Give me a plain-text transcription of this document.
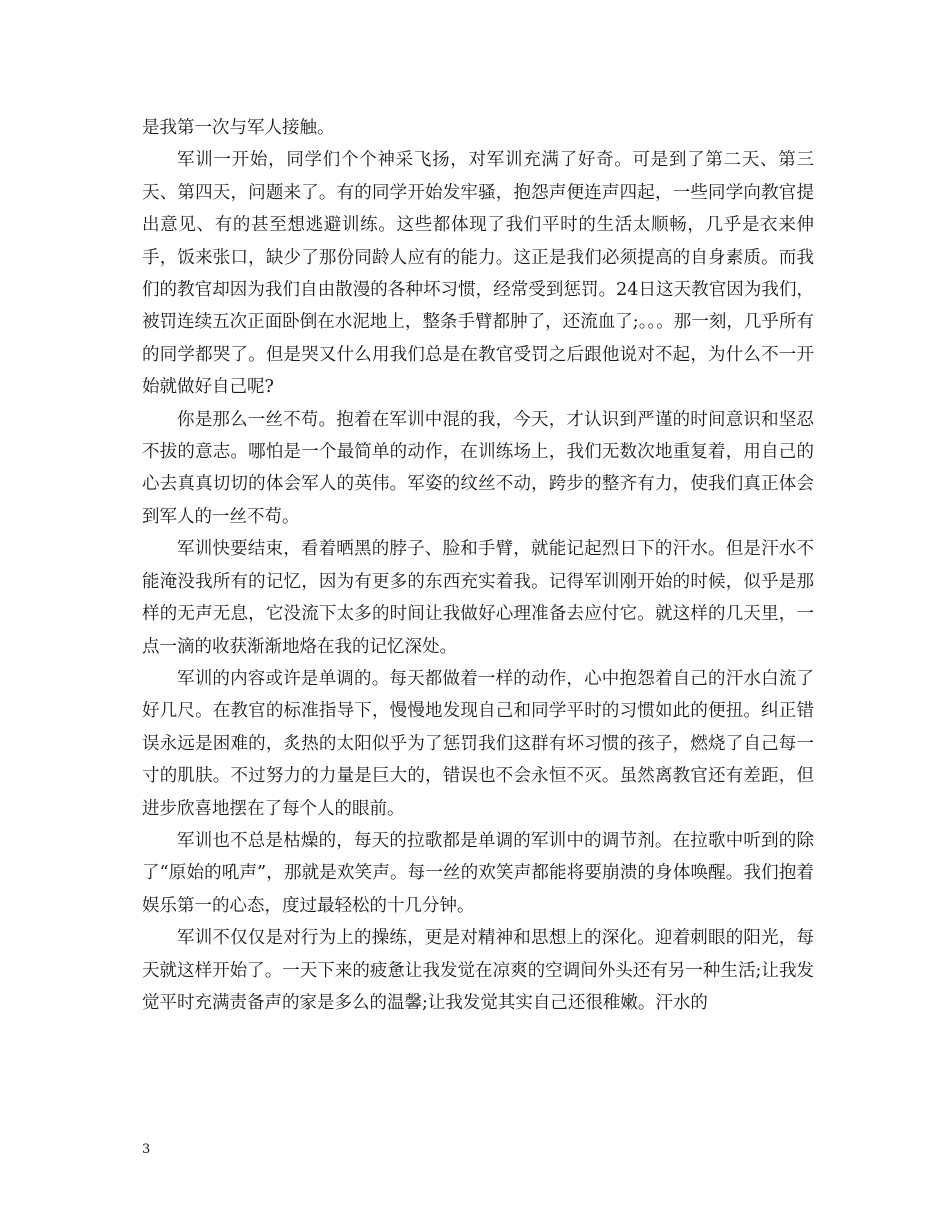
是我第一次与军人接触。

军训一开始，同学们个个神采飞扬，对军训充满了好奇。可是到了第二天、第三天、第四天，问题来了。有的同学开始发牢骚，抱怨声便连声四起，一些同学向教官提出意见、有的甚至想逃避训练。这些都体现了我们平时的生活太顺畅，几乎是衣来伸手，饭来张口，缺少了那份同龄人应有的能力。这正是我们必须提高的自身素质。而我们的教官却因为我们自由散漫的各种坏习惯，经常受到惩罚。24日这天教官因为我们，被罚连续五次正面卧倒在水泥地上，整条手臂都肿了，还流血了;。。。那一刻，几乎所有的同学都哭了。但是哭又什么用我们总是在教官受罚之后跟他说对不起，为什么不一开始就做好自己呢?

你是那么一丝不苟。抱着在军训中混的我，今天，才认识到严谨的时间意识和坚忍不拔的意志。哪怕是一个最简单的动作，在训练场上，我们无数次地重复着，用自己的心去真真切切的体会军人的英伟。军姿的纹丝不动，跨步的整齐有力，使我们真正体会到军人的一丝不苟。

军训快要结束，看着晒黑的脖子、脸和手臂，就能记起烈日下的汗水。但是汗水不能淹没我所有的记忆，因为有更多的东西充实着我。记得军训刚开始的时候，似乎是那样的无声无息，它没流下太多的时间让我做好心理准备去应付它。就这样的几天里，一点一滴的收获渐渐地烙在我的记忆深处。

军训的内容或许是单调的。每天都做着一样的动作，心中抱怨着自己的汗水白流了好几尺。在教官的标准指导下，慢慢地发现自己和同学平时的习惯如此的便扭。纠正错误永远是困难的，炙热的太阳似乎为了惩罚我们这群有坏习惯的孩子，燃烧了自己每一寸的肌肤。不过努力的力量是巨大的，错误也不会永恒不灭。虽然离教官还有差距，但进步欣喜地摆在了每个人的眼前。

军训也不总是枯燥的，每天的拉歌都是单调的军训中的调节剂。在拉歌中听到的除了“原始的吼声”，那就是欢笑声。每一丝的欢笑声都能将要崩溃的身体唤醒。我们抱着娱乐第一的心态，度过最轻松的十几分钟。

军训不仅仅是对行为上的操练，更是对精神和思想上的深化。迎着刺眼的阳光，每天就这样开始了。一天下来的疲惫让我发觉在凉爽的空调间外头还有另一种生活;让我发觉平时充满责备声的家是多么的温馨;让我发觉其实自己还很稚嫩。汗水的

3
